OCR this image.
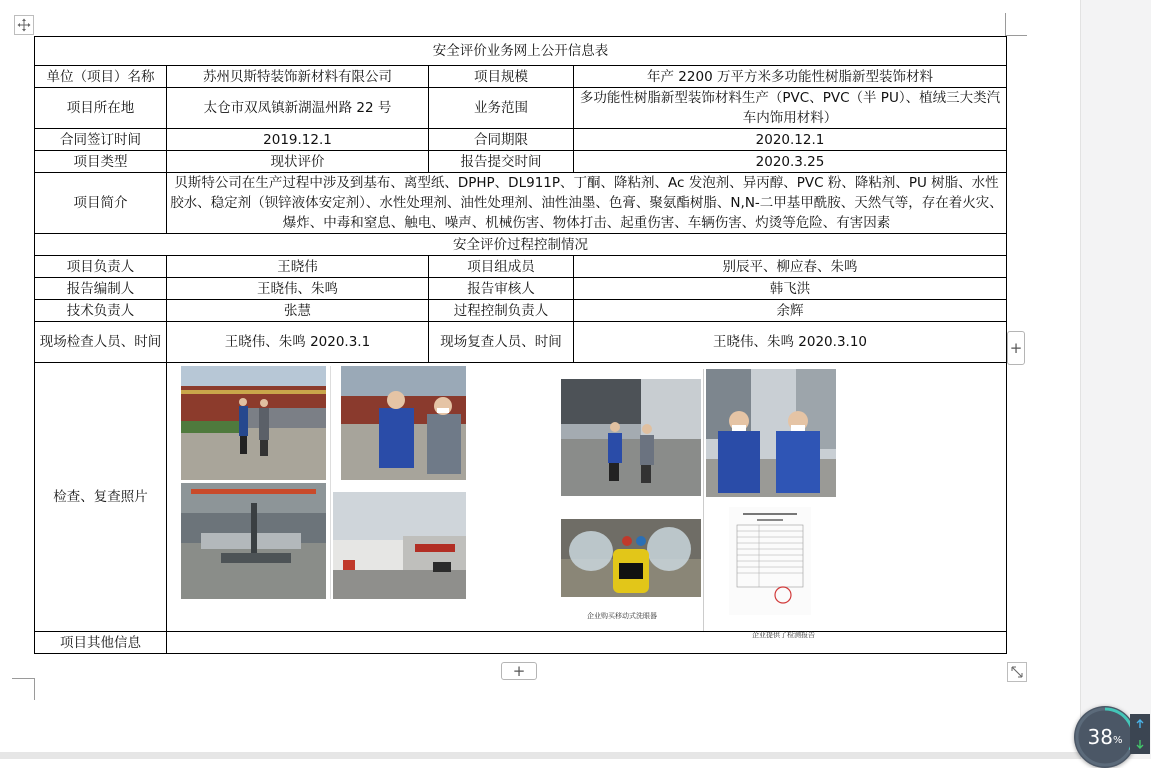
安全评价业务网上公开信息表			
单位（项目）名称	苏州贝斯特装饰新材料有限公司	项目规模	年产 2200 万平方米多功能性树脂新型装饰材料
项目所在地	太仓市双凤镇新湖温州路 22 号	业务范围	多功能性树脂新型装饰材料生产（PVC、PVC（半 PU）、植绒三大类汽车内饰用材料）
合同签订时间	2019.12.1	合同期限	2020.12.1
项目类型	现状评价	报告提交时间	2020.3.25
项目简介	贝斯特公司在生产过程中涉及到基布、离型纸、DPHP、DL911P、丁酮、降粘剂、Ac 发泡剂、异丙醇、PVC 粉、降粘剂、PU 树脂、水性胶水、稳定剂（钡锌液体安定剂）、水性处理剂、油性处理剂、油性油墨、色膏、聚氨酯树脂、N,N-二甲基甲酰胺、天然气等，存在着火灾、爆炸、中毒和窒息、触电、噪声、机械伤害、物体打击、起重伤害、车辆伤害、灼烫等危险、有害因素		
安全评价过程控制情况			
项目负责人	王晓伟	项目组成员	别辰平、柳应春、朱鸣
报告编制人	王晓伟、朱鸣	报告审核人	韩飞洪
技术负责人	张慧	过程控制负责人	余辉
现场检查人员、时间	王晓伟、朱鸣 2020.3.1	现场复查人员、时间	王晓伟、朱鸣 2020.3.10
检查、复查照片	企业购买移动式洗眼器
企业提供了检测报告		

项目其他信息			
+
+
38 %
